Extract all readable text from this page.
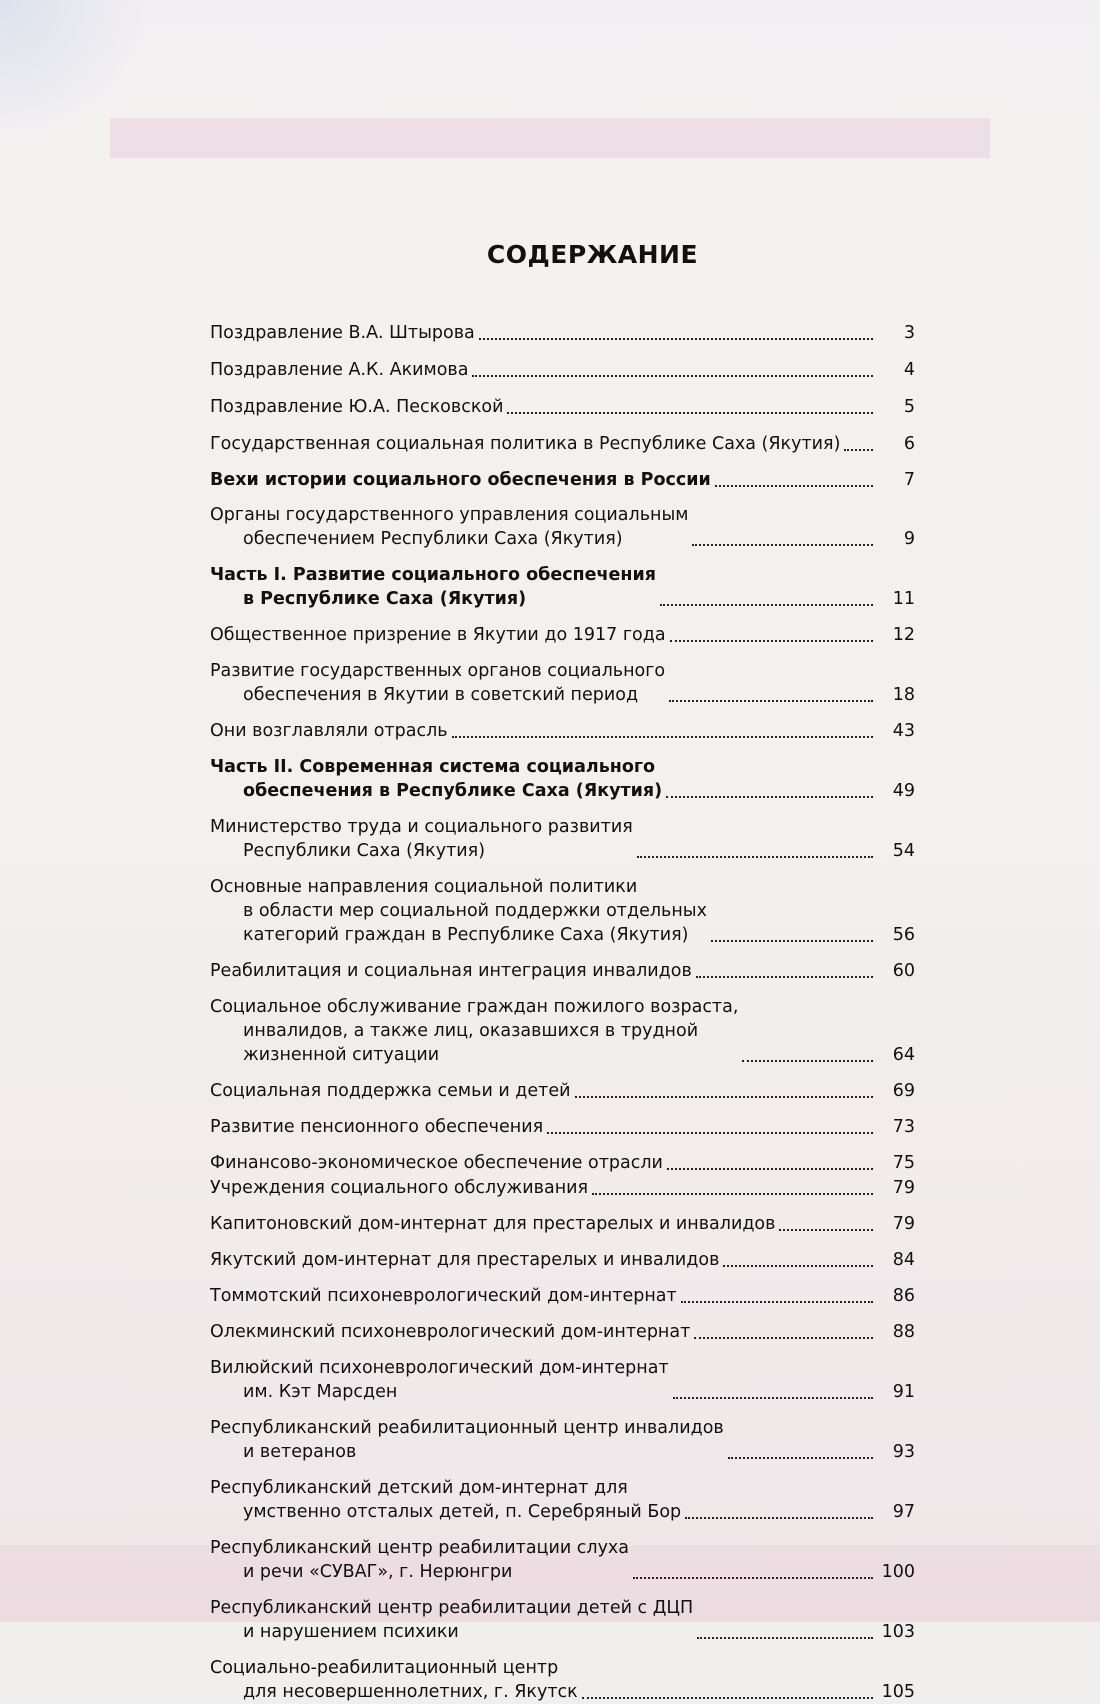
СОДЕРЖАНИЕ
Поздравление В.А. Штырова	3
Поздравление А.К. Акимова	4
Поздравление Ю.А. Песковской	5
Государственная социальная политика в Республике Саха (Якутия)	6
Вехи истории социального обеспечения в России	7
Органы государственного управления социальным
обеспечением Республики Саха (Якутия)	9
Часть I. Развитие социального обеспечения
в Республике Саха (Якутия)	11
Общественное призрение в Якутии до 1917 года	12
Развитие государственных органов социального
обеспечения в Якутии в советский период	18
Они возглавляли отрасль	43
Часть II. Современная система социального
обеспечения в Республике Саха (Якутия)	49
Министерство труда и социального развития
Республики Саха (Якутия)	54
Основные направления социальной политики
в области мер социальной поддержки отдельных
категорий граждан в Республике Саха (Якутия)	56
Реабилитация и социальная интеграция инвалидов	60
Социальное обслуживание граждан пожилого возраста,
инвалидов, а также лиц, оказавшихся в трудной
жизненной ситуации	64
Социальная поддержка семьи и детей	69
Развитие пенсионного обеспечения	73
Финансово-экономическое обеспечение отрасли	75
Учреждения социального обслуживания	79
Капитоновский дом-интернат для престарелых и инвалидов	79
Якутский дом-интернат для престарелых и инвалидов	84
Томмотский психоневрологический дом-интернат	86
Олекминский психоневрологический дом-интернат	88
Вилюйский психоневрологический дом-интернат
им. Кэт Марсден	91
Республиканский реабилитационный центр инвалидов
и ветеранов	93
Республиканский детский дом-интернат для
умственно отсталых детей, п. Серебряный Бор	97
Республиканский центр реабилитации слуха
и речи «СУВАГ», г. Нерюнгри	100
Республиканский центр реабилитации детей с ДЦП
и нарушением психики	103
Социально-реабилитационный центр
для несовершеннолетних, г. Якутск	105
